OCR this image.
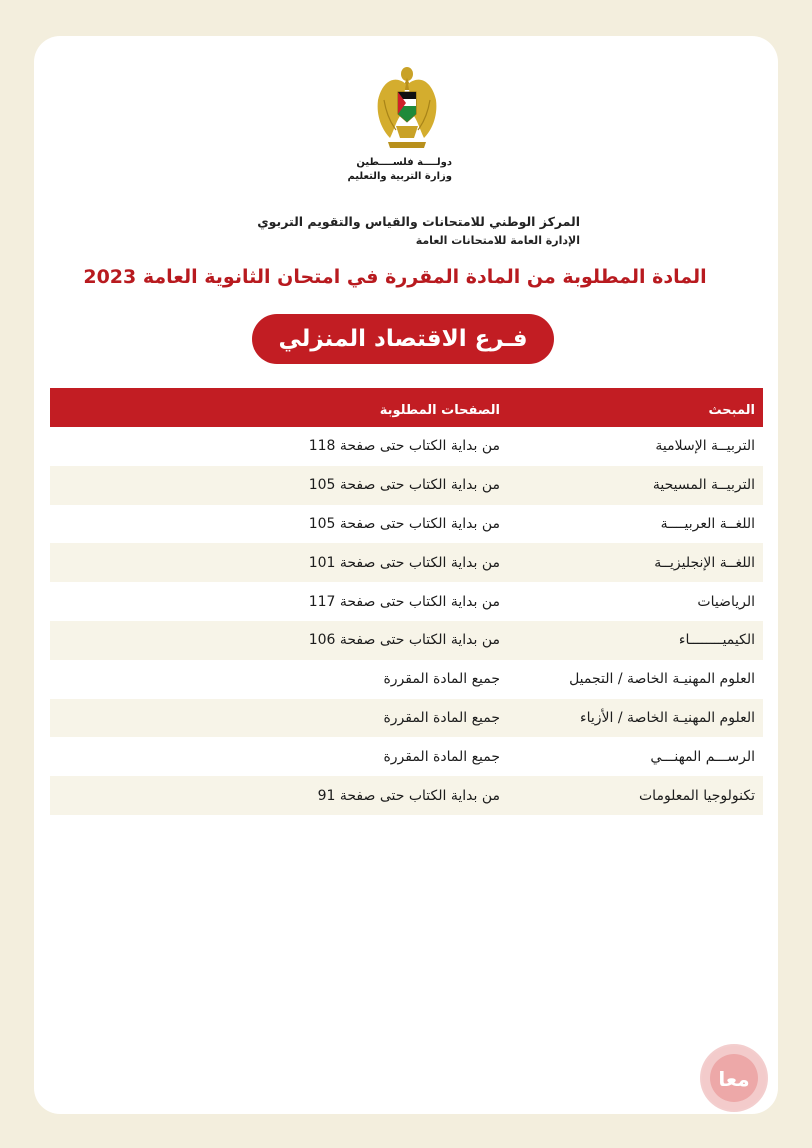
دولــــة فلســــطين
وزارة التربية والتعليم
المركز الوطني للامتحانات والقياس والتقويم التربوي
الإدارة العامة للامتحانات العامة
المادة المطلوبة من المادة المقررة في امتحان الثانوية العامة 2023
فـرع الاقتصاد المنزلي
المبحث
الصفحات المطلوبة
التربيــة الإسلامية
من بداية الكتاب حتى صفحة 118
التربيــة المسيحية
من بداية الكتاب حتى صفحة 105
اللغــة العربيــــة
من بداية الكتاب حتى صفحة 105
اللغــة الإنجليزيــة
من بداية الكتاب حتى صفحة 101
الرياضيات
من بداية الكتاب حتى صفحة 117
الكيميــــــــاء
من بداية الكتاب حتى صفحة 106
العلوم المهنيـة الخاصة / التجميل
جميع المادة المقررة
العلوم المهنيـة الخاصة / الأزياء
جميع المادة المقررة
الرســـم المهنـــي
جميع المادة المقررة
تكنولوجيا المعلومات
من بداية الكتاب حتى صفحة 91
معا
